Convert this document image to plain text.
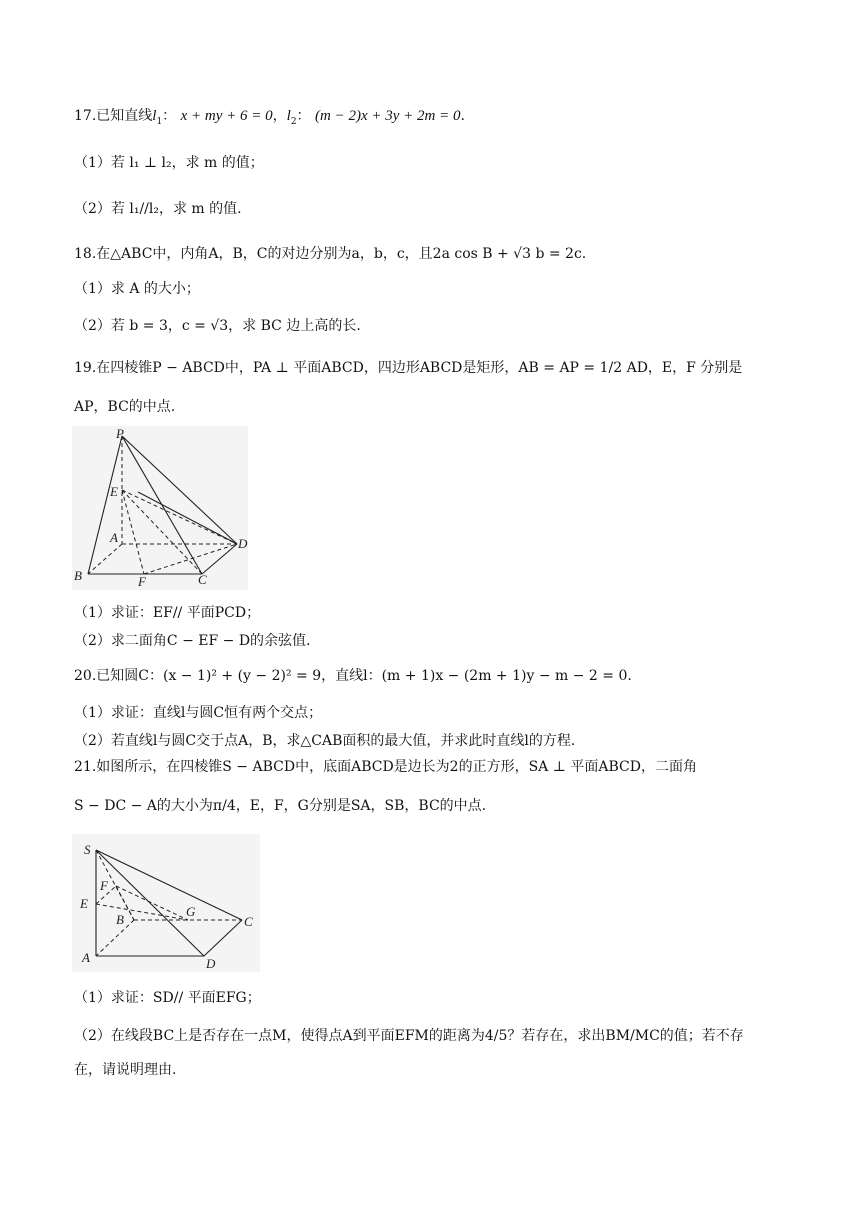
17.已知直线$l_1$： x + my + 6 = 0，$l_2$： (m − 2)x + 3y + 2m = 0.
（1）若 l₁ ⊥ l₂，求 m 的值；
（2）若 l₁//l₂，求 m 的值.
18.在△ABC中，内角A，B，C的对边分别为a，b，c，且2a cos B + √3 b = 2c.
（1）求 A 的大小；
（2）若 b = 3，c = √3，求 BC 边上高的长.
19.在四棱锥P − ABCD中，PA ⊥ 平面ABCD，四边形ABCD是矩形，AB = AP = 1/2 AD，E，F 分别是
AP，BC的中点.
P
E
A	D
B	F	C
（1）求证：EF// 平面PCD；
（2）求二面角C − EF − D的余弦值.
20.已知圆C：(x − 1)² + (y − 2)² = 9，直线l：(m + 1)x − (2m + 1)y − m − 2 = 0.
（1）求证：直线l与圆C恒有两个交点；
（2）若直线l与圆C交于点A，B，求△CAB面积的最大值，并求此时直线l的方程.
21.如图所示，在四棱锥S − ABCD中，底面ABCD是边长为2的正方形，SA ⊥ 平面ABCD，二面角
S − DC − A的大小为π/4，E，F，G分别是SA，SB，BC的中点.
S
F
E
B
G
C
A	D
（1）求证：SD// 平面EFG；
（2）在线段BC上是否存在一点M，使得点A到平面EFM的距离为4/5？若存在，求出BM/MC的值；若不存
在，请说明理由.
